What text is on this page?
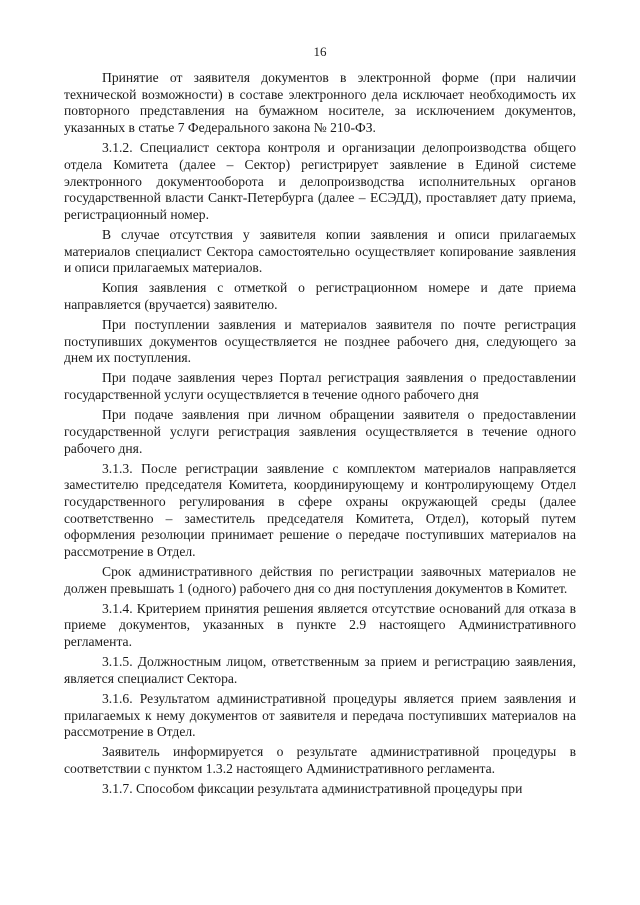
16

Принятие от заявителя документов в электронной форме (при наличии технической возможности) в составе электронного дела исключает необходимость их повторного представления на бумажном носителе, за исключением документов, указанных в статье 7 Федерального закона № 210-ФЗ.

3.1.2. Специалист сектора контроля и организации делопроизводства общего отдела Комитета (далее – Сектор) регистрирует заявление в Единой системе электронного документооборота и делопроизводства исполнительных органов государственной власти Санкт-Петербурга (далее – ЕСЭДД), проставляет дату приема, регистрационный номер.

В случае отсутствия у заявителя копии заявления и описи прилагаемых материалов специалист Сектора самостоятельно осуществляет копирование заявления и описи прилагаемых материалов.

Копия заявления с отметкой о регистрационном номере и дате приема направляется (вручается) заявителю.

При поступлении заявления и материалов заявителя по почте регистрация поступивших документов осуществляется не позднее рабочего дня, следующего за днем их поступления.

При подаче заявления через Портал регистрация заявления о предоставлении государственной услуги осуществляется в течение одного рабочего дня

При подаче заявления при личном обращении заявителя о предоставлении государственной услуги регистрация заявления осуществляется в течение одного рабочего дня.

3.1.3. После регистрации заявление с комплектом материалов направляется заместителю председателя Комитета, координирующему и контролирующему Отдел государственного регулирования в сфере охраны окружающей среды (далее соответственно – заместитель председателя Комитета, Отдел), который путем оформления резолюции принимает решение о передаче поступивших материалов на рассмотрение в Отдел.

Срок административного действия по регистрации заявочных материалов не должен превышать 1 (одного) рабочего дня со дня поступления документов в Комитет.

3.1.4. Критерием принятия решения является отсутствие оснований для отказа в приеме документов, указанных в пункте 2.9 настоящего Административного регламента.

3.1.5. Должностным лицом, ответственным за прием и регистрацию заявления, является специалист Сектора.

3.1.6. Результатом административной процедуры является прием заявления и прилагаемых к нему документов от заявителя и передача поступивших материалов на рассмотрение в Отдел.

Заявитель информируется о результате административной процедуры в соответствии с пунктом 1.3.2 настоящего Административного регламента.

3.1.7. Способом фиксации результата административной процедуры при
